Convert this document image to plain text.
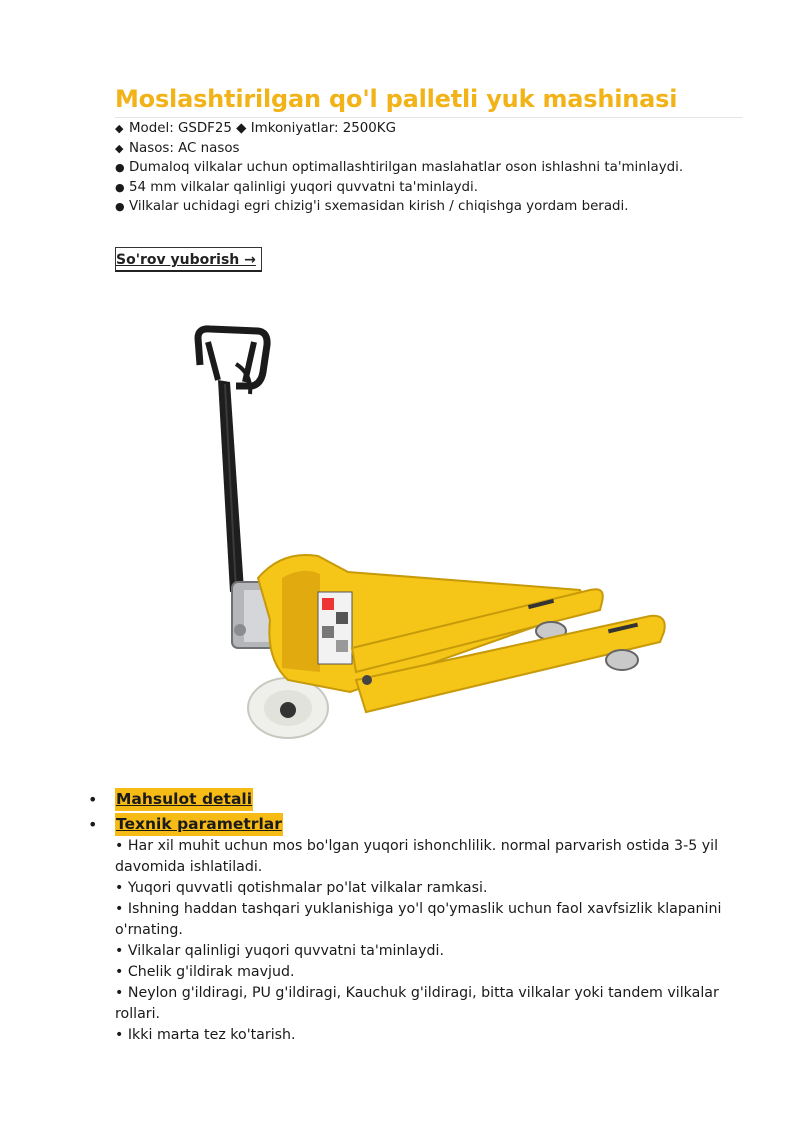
Moslashtirilgan qo'l palletli yuk mashinasi
◆ Model: GSDF25 ◆ Imkoniyatlar: 2500KG
◆ Nasos: AC nasos
● Dumaloq vilkalar uchun optimallashtirilgan maslahatlar oson ishlashni ta'minlaydi.
● 54 mm vilkalar qalinligi yuqori quvvatni ta'minlaydi.
● Vilkalar uchidagi egri chizig'i sxemasidan kirish / chiqishga yordam beradi.
So'rov yuborish →
• Mahsulot detali
• Texnik parametrlar
• Har xil muhit uchun mos bo'lgan yuqori ishonchlilik. normal parvarish ostida 3-5 yil davomida ishlatiladi.
• Yuqori quvvatli qotishmalar po'lat vilkalar ramkasi.
• Ishning haddan tashqari yuklanishiga yo'l qo'ymaslik uchun faol xavfsizlik klapanini o'rnating.
• Vilkalar qalinligi yuqori quvvatni ta'minlaydi.
• Chelik g'ildirak mavjud.
• Neylon g'ildiragi, PU g'ildiragi, Kauchuk g'ildiragi, bitta vilkalar yoki tandem vilkalar rollari.
• Ikki marta tez ko'tarish.
